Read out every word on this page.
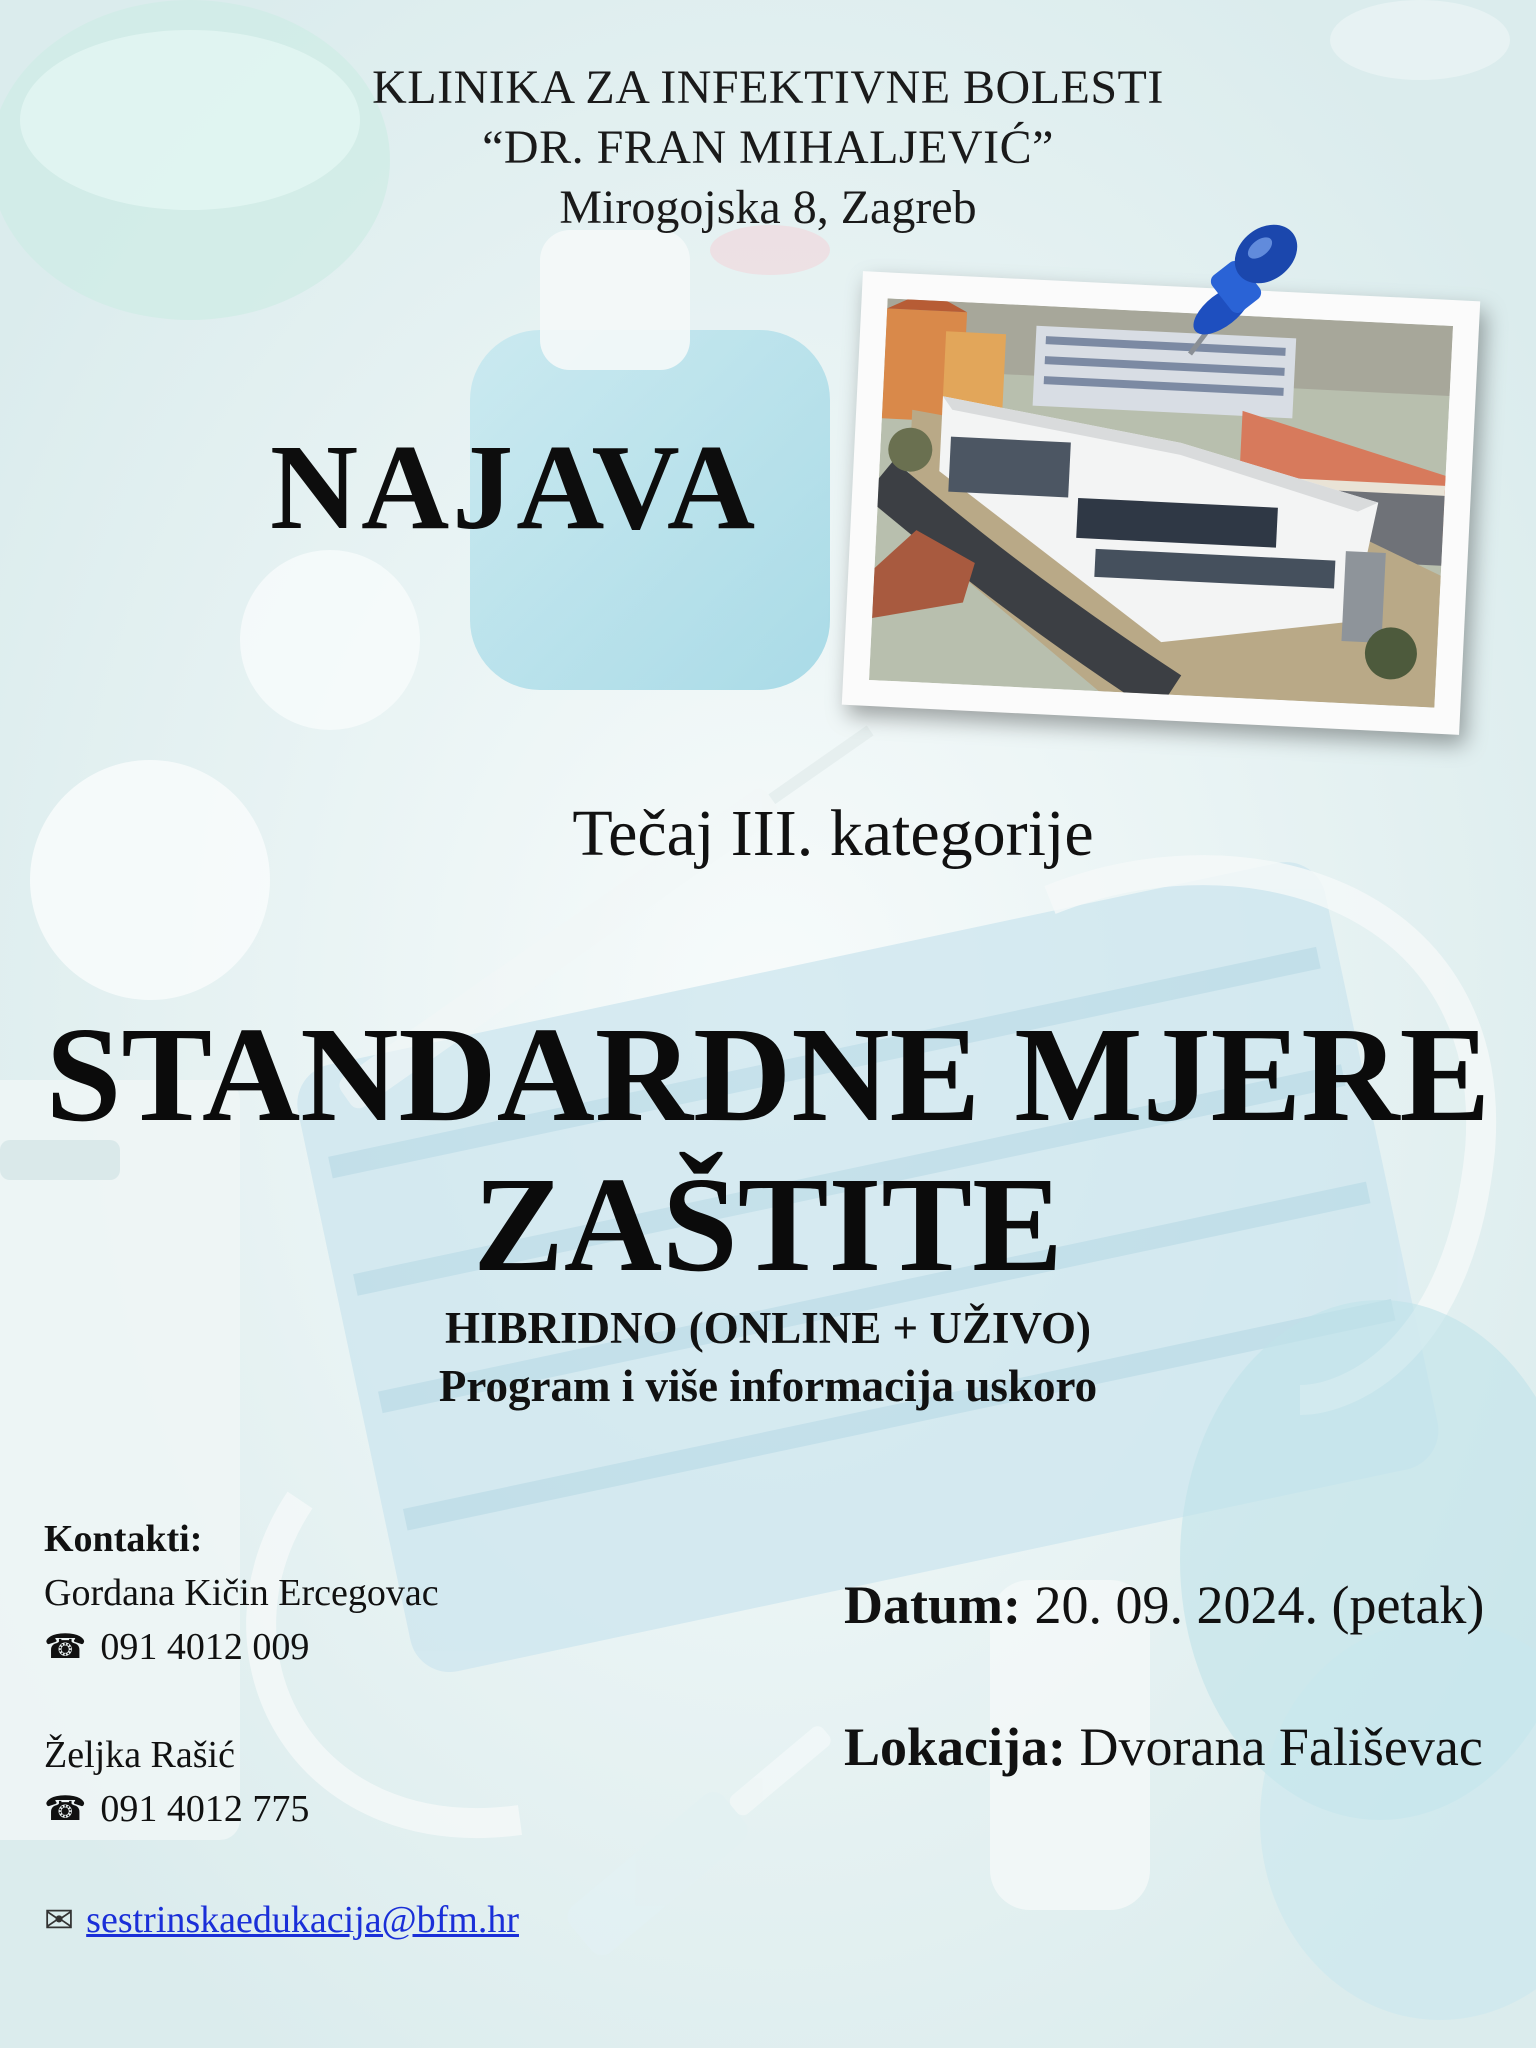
KLINIKA ZA INFEKTIVNE BOLESTI
“DR. FRAN MIHALJEVIĆ”
Mirogojska 8, Zagreb
NAJAVA
Tečaj III. kategorije
STANDARDNE MJERE
ZAŠTITE
HIBRIDNO (ONLINE + UŽIVO)
Program i više informacija uskoro
Kontakti:
Gordana Kičin Ercegovac
☎ 091 4012 009
Željka Rašić
☎ 091 4012 775
✉ sestrinskaedukacija@bfm.hr
Datum: 20. 09. 2024. (petak)
Lokacija: Dvorana Fališevac
